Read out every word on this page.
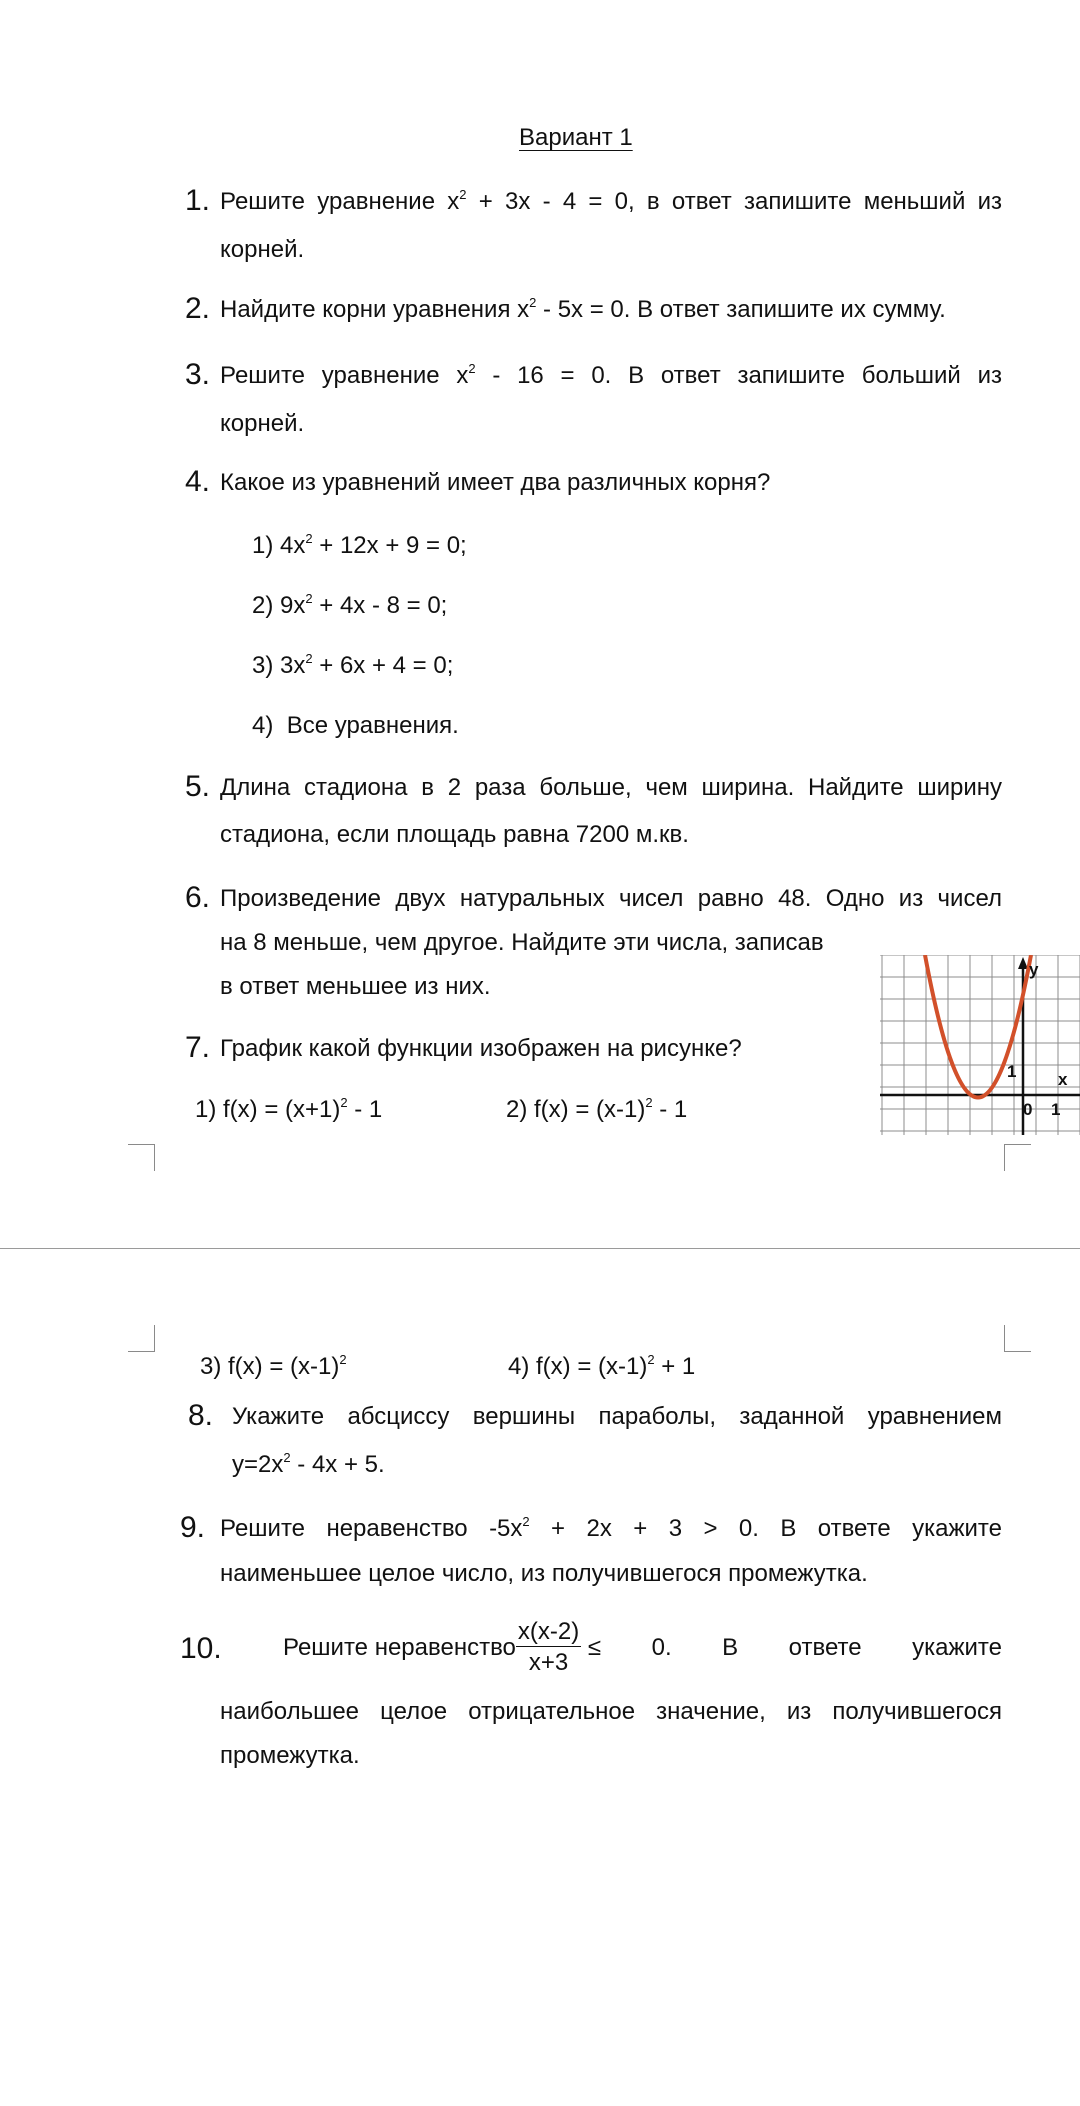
Вариант 1
1. Решите уравнение $x^2 + 3x - 4 = 0$, в ответ запишите меньший из
корней.
2. Найдите корни уравнения $x^2 - 5x = 0$. В ответ запишите их сумму.
3. Решите уравнение $x^2 - 16 = 0$. В ответ запишите больший из
корней.
4. Какое из уравнений имеет два различных корня?
1) $4x^2 + 12x + 9 = 0$;
2) $9x^2 + 4x - 8 = 0$;
3) $3x^2 + 6x + 4 = 0$;
4) Все уравнения.
5. Длина стадиона в 2 раза больше, чем ширина. Найдите ширину
стадиона, если площадь равна 7200 м.кв.
6. Произведение двух натуральных чисел равно 48. Одно из чисел
на 8 меньше, чем другое. Найдите эти числа, записав
в ответ меньшее из них.
7. График какой функции изображен на рисунке?
1) $f(x) = (x+1)^2 - 1$	2) $f(x) = (x-1)^2 - 1$
y
x
1
0 1
3) $f(x) = (x-1)^2$	4) $f(x) = (x-1)^2 + 1$
8. Укажите абсциссу вершины параболы, заданной уравнением
$y=2x^2 - 4x + 5$.
9. Решите неравенство $-5x^2 + 2x + 3 > 0$. В ответе укажите
наименьшее целое число, из получившегося промежутка.
10.	Решите неравенство $\frac{x(x-2)}{x+3}$
≤ 0. В ответе укажите
наибольшее целое отрицательное значение, из получившегося
промежутка.
